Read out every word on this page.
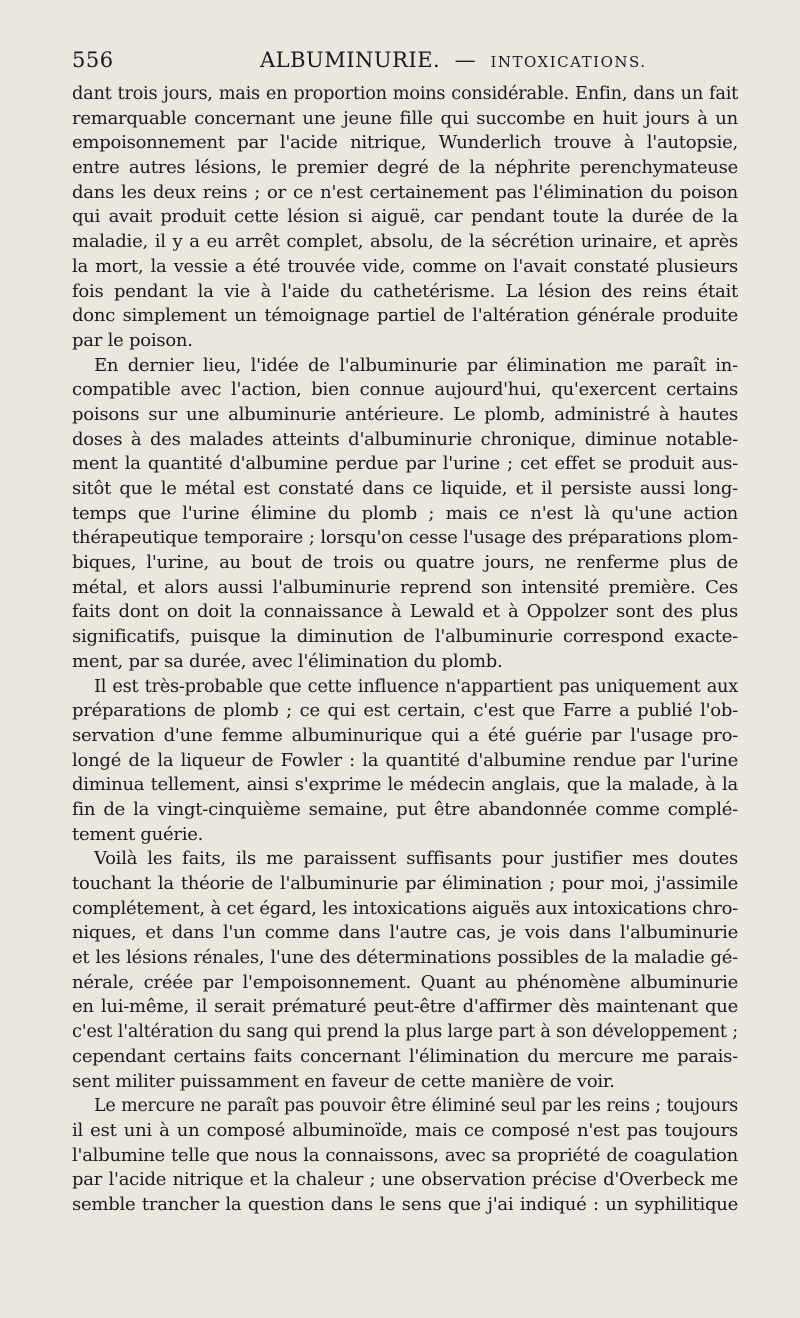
556	ALBUMINURIE. — INTOXICATIONS.
dant trois jours, mais en proportion moins considérable. Enfin, dans un fait
remarquable concernant une jeune fille qui succombe en huit jours à un
empoisonnement par l'acide nitrique, Wunderlich trouve à l'autopsie,
entre autres lésions, le premier degré de la néphrite perenchymateuse
dans les deux reins ; or ce n'est certainement pas l'élimination du poison
qui avait produit cette lésion si aiguë, car pendant toute la durée de la
maladie, il y a eu arrêt complet, absolu, de la sécrétion urinaire, et après
la mort, la vessie a été trouvée vide, comme on l'avait constaté plusieurs
fois pendant la vie à l'aide du cathetérisme. La lésion des reins était
donc simplement un témoignage partiel de l'altération générale produite
par le poison.
En dernier lieu, l'idée de l'albuminurie par élimination me paraît in-
compatible avec l'action, bien connue aujourd'hui, qu'exercent certains
poisons sur une albuminurie antérieure. Le plomb, administré à hautes
doses à des malades atteints d'albuminurie chronique, diminue notable-
ment la quantité d'albumine perdue par l'urine ; cet effet se produit aus-
sitôt que le métal est constaté dans ce liquide, et il persiste aussi long-
temps que l'urine élimine du plomb ; mais ce n'est là qu'une action
thérapeutique temporaire ; lorsqu'on cesse l'usage des préparations plom-
biques, l'urine, au bout de trois ou quatre jours, ne renferme plus de
métal, et alors aussi l'albuminurie reprend son intensité première. Ces
faits dont on doit la connaissance à Lewald et à Oppolzer sont des plus
significatifs, puisque la diminution de l'albuminurie correspond exacte-
ment, par sa durée, avec l'élimination du plomb.
Il est très-probable que cette influence n'appartient pas uniquement aux
préparations de plomb ; ce qui est certain, c'est que Farre a publié l'ob-
servation d'une femme albuminurique qui a été guérie par l'usage pro-
longé de la liqueur de Fowler : la quantité d'albumine rendue par l'urine
diminua tellement, ainsi s'exprime le médecin anglais, que la malade, à la
fin de la vingt-cinquième semaine, put être abandonnée comme complé-
tement guérie.
Voilà les faits, ils me paraissent suffisants pour justifier mes doutes
touchant la théorie de l'albuminurie par élimination ; pour moi, j'assimile
complétement, à cet égard, les intoxications aiguës aux intoxications chro-
niques, et dans l'un comme dans l'autre cas, je vois dans l'albuminurie
et les lésions rénales, l'une des déterminations possibles de la maladie gé-
nérale, créée par l'empoisonnement. Quant au phénomène albuminurie
en lui-même, il serait prématuré peut-être d'affirmer dès maintenant que
c'est l'altération du sang qui prend la plus large part à son développement ;
cependant certains faits concernant l'élimination du mercure me parais-
sent militer puissamment en faveur de cette manière de voir.
Le mercure ne paraît pas pouvoir être éliminé seul par les reins ; toujours
il est uni à un composé albuminoïde, mais ce composé n'est pas toujours
l'albumine telle que nous la connaissons, avec sa propriété de coagulation
par l'acide nitrique et la chaleur ; une observation précise d'Overbeck me
semble trancher la question dans le sens que j'ai indiqué : un syphilitique
